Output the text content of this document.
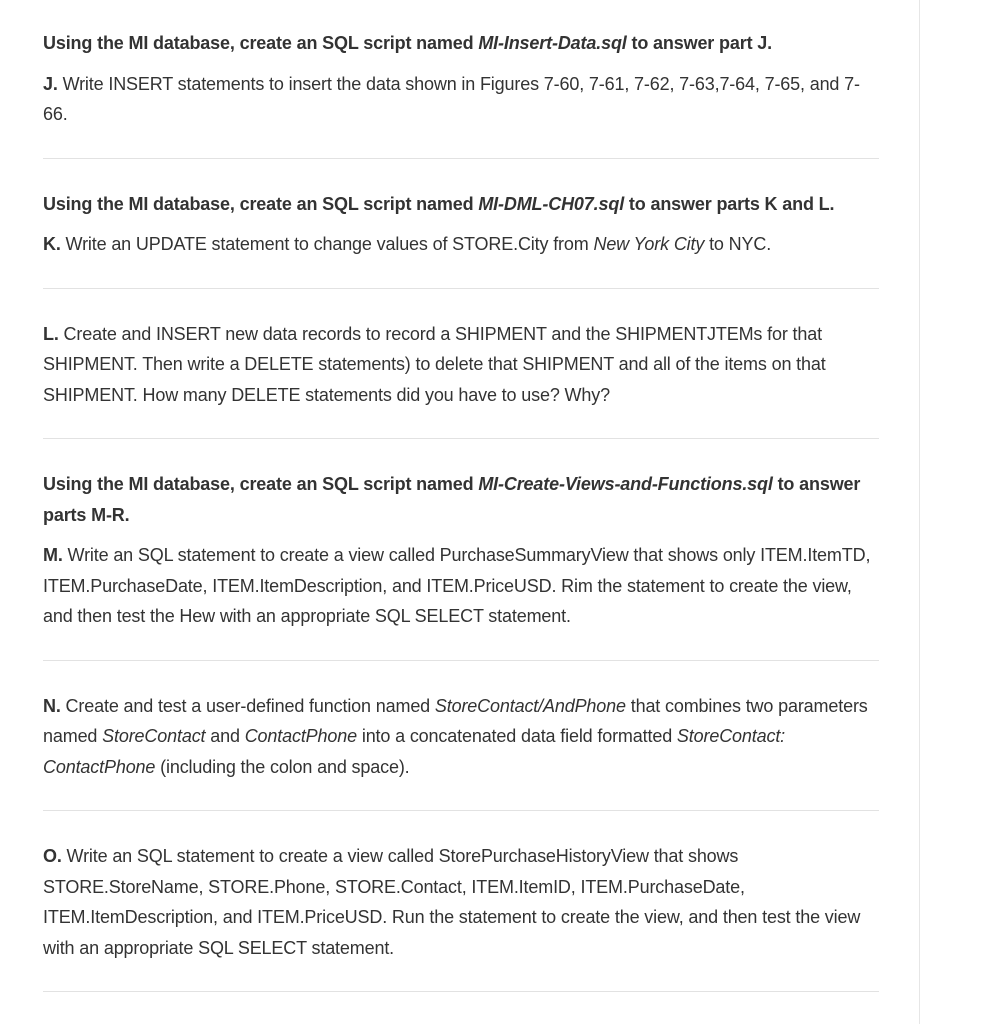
Using the MI database, create an SQL script named MI-Insert-Data.sql to answer part J.

J. Write INSERT statements to insert the data shown in Figures 7-60, 7-61, 7-62, 7-63,7-64, 7-65, and 7-66.

Using the MI database, create an SQL script named MI-DML-CH07.sql to answer parts K and L.

K. Write an UPDATE statement to change values of STORE.City from New York City to NYC.

L. Create and INSERT new data records to record a SHIPMENT and the SHIPMENTJTEMs for that SHIPMENT. Then write a DELETE statements) to delete that SHIPMENT and all of the items on that SHIPMENT. How many DELETE statements did you have to use? Why?

Using the MI database, create an SQL script named MI-Create-Views-and-Functions.sql to answer parts M-R.

M. Write an SQL statement to create a view called PurchaseSummaryView that shows only ITEM.ItemTD, ITEM.PurchaseDate, ITEM.ItemDescription, and ITEM.PriceUSD. Rim the statement to create the view, and then test the Hew with an appropriate SQL SELECT statement.

N. Create and test a user-defined function named StoreContact/AndPhone that combines two parameters named StoreContact and ContactPhone into a concatenated data field formatted StoreContact: ContactPhone (including the colon and space).

O. Write an SQL statement to create a view called StorePurchaseHistoryView that shows STORE.StoreName, STORE.Phone, STORE.Contact, ITEM.ItemID, ITEM.PurchaseDate, ITEM.ItemDescription, and ITEM.PriceUSD. Run the statement to create the view, and then test the view with an appropriate SQL SELECT statement.
